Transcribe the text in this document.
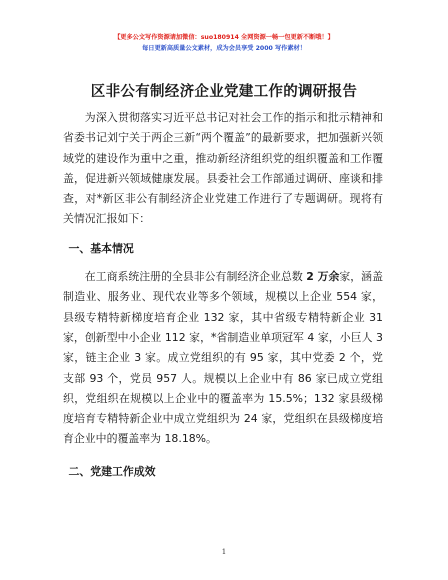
【更多公文写作资源请加微信：suo180914 全网资源一畅一包更新不断哦！】
每日更新高质量公文素材，成为会员享受 2000 写作素材！
区非公有制经济企业党建工作的调研报告

为深入贯彻落实习近平总书记对社会工作的指示和批示精神和省委书记刘宁关于两企三新“两个覆盖”的最新要求，把加强新兴领域党的建设作为重中之重，推动新经济组织党的组织覆盖和工作覆盖，促进新兴领域健康发展。县委社会工作部通过调研、座谈和排查，对*新区非公有制经济企业党建工作进行了专题调研。现将有关情况汇报如下：

一、基本情况

在工商系统注册的全县非公有制经济企业总数 2 万余家，涵盖制造业、服务业、现代农业等多个领域，规模以上企业 554 家，县级专精特新梯度培育企业 132 家，其中省级专精特新企业 31 家，创新型中小企业 112 家，*省制造业单项冠军 4 家，小巨人 3 家，链主企业 3 家。成立党组织的有 95 家，其中党委 2 个，党支部 93 个，党员 957 人。规模以上企业中有 86 家已成立党组织，党组织在规模以上企业中的覆盖率为 15.5%；132 家县级梯度培育专精特新企业中成立党组织为 24 家，党组织在县级梯度培育企业中的覆盖率为 18.18%。

二、党建工作成效
1
